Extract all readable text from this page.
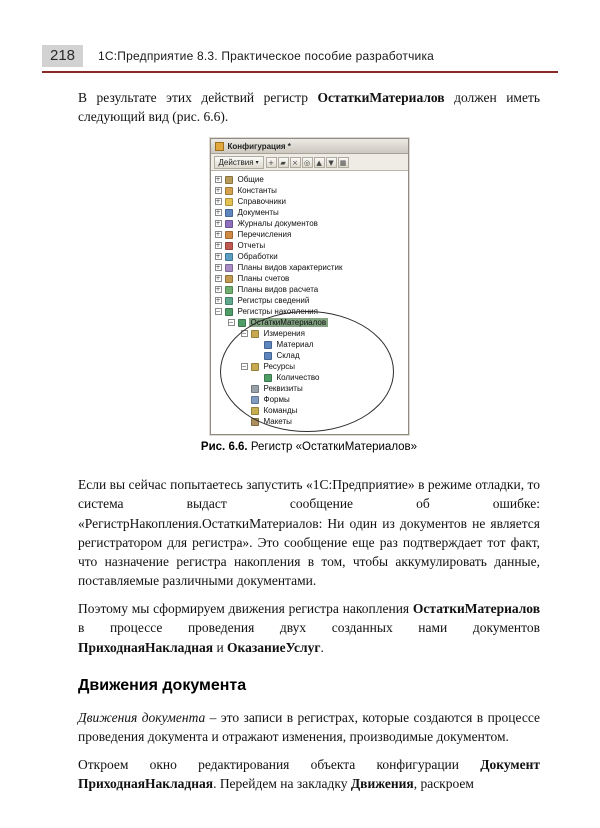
218	1С:Предприятие 8.3. Практическое пособие разработчика

В результате этих действий регистр ОстаткиМатериалов должен иметь следующий вид (рис. 6.6).

Конфигурация *
Действия ▾	+ ▰ × ◎ ▲ ▼ ▦
+ Общие
+ Константы
+ Справочники
+ Документы
+ Журналы документов
+ Перечисления
+ Отчеты
+ Обработки
+ Планы видов характеристик
+ Планы счетов
+ Планы видов расчета
+ Регистры сведений
− Регистры накопления
− ОстаткиМатериалов
− Измерения
Материал
Склад
− Ресурсы
Количество
Реквизиты
Формы
Команды
Макеты
Рис. 6.6. Регистр «ОстаткиМатериалов»

Если вы сейчас попытаетесь запустить «1С:Предприятие» в режиме отладки, то система выдаст сообщение об ошибке: «РегистрНакопления.ОстаткиМатериалов: Ни один из документов не является регистратором для регистра». Это сообщение еще раз подтверждает тот факт, что назначение регистра накопления в том, чтобы аккумулировать данные, поставляемые различными документами.

Поэтому мы сформируем движения регистра накопления ОстаткиМатериалов в процессе проведения двух созданных нами документов ПриходнаяНакладная и ОказаниеУслуг.

Движения документа

Движения документа – это записи в регистрах, которые создаются в процессе проведения документа и отражают изменения, производимые документом.

Откроем окно редактирования объекта конфигурации Документ ПриходнаяНакладная. Перейдем на закладку Движения, раскроем
